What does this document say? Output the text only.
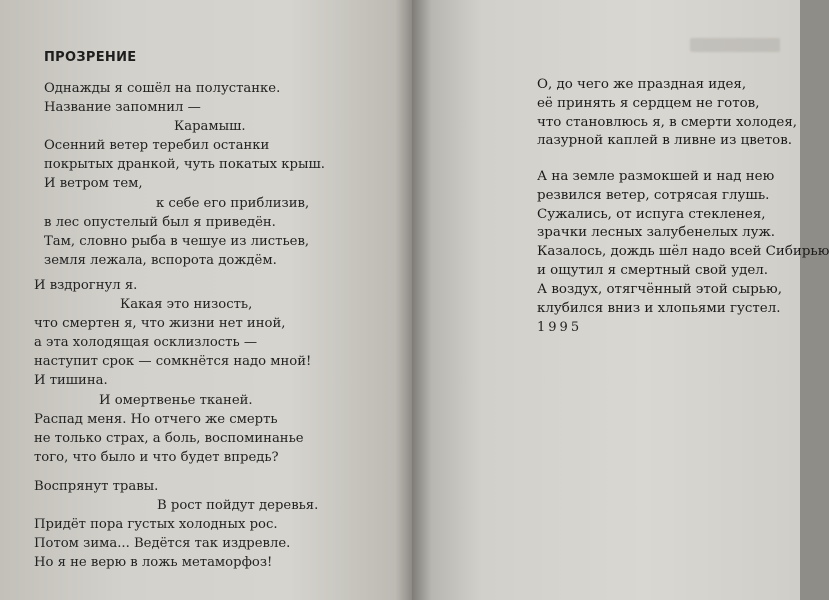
ПРОЗРЕНИЕ
Однажды я сошёл на полустанке.
Название запомнил —
Карамыш.
Осенний ветер теребил останки
покрытых дранкой, чуть покатых крыш.
И ветром тем,
к себе его приблизив,
в лес опустелый был я приведён.
Там, словно рыба в чешуе из листьев,
земля лежала, вспорота дождём.
И вздрогнул я.
Какая это низость,
что смертен я, что жизни нет иной,
а эта холодящая осклизлость —
наступит срок — сомкнётся надо мной!
И тишина.
И омертвенье тканей.
Распад меня. Но отчего же смерть
не только страх, а боль, воспоминанье
того, что было и что будет впредь?
Воспрянут травы.
В рост пойдут деревья.
Придёт пора густых холодных рос.
Потом зима... Ведётся так издревле.
Но я не верю в ложь метаморфоз!
О, до чего же праздная идея,
её принять я сердцем не готов,
что становлюсь я, в смерти холодея,
лазурной каплей в ливне из цветов.
А на земле размокшей и над нею
резвился ветер, сотрясая глушь.
Сужались, от испуга стекленея,
зрачки лесных залубенелых луж.
Казалось, дождь шёл надо всей Сибирью
и ощутил я смертный свой удел.
А воздух, отягчённый этой сырью,
клубился вниз и хлопьями густел.
1995
